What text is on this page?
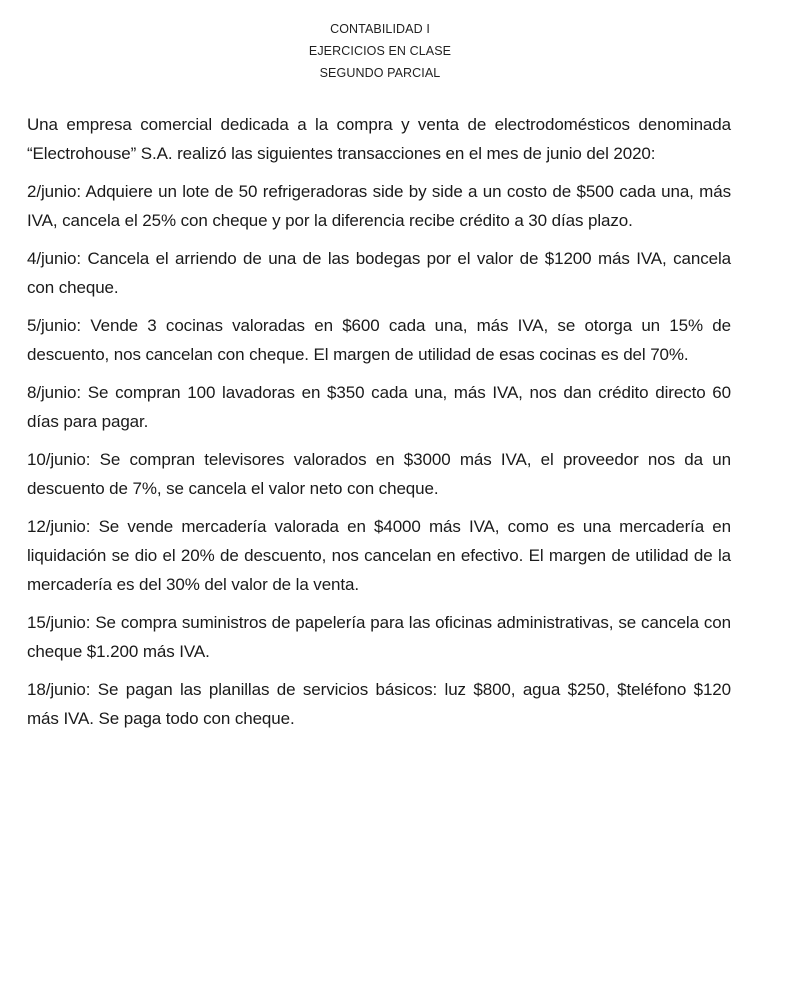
CONTABILIDAD I
EJERCICIOS EN CLASE
SEGUNDO PARCIAL

Una empresa comercial dedicada a la compra y venta de electrodomésticos denominada “Electrohouse” S.A. realizó las siguientes transacciones en el mes de junio del 2020:

2/junio: Adquiere un lote de 50 refrigeradoras side by side a un costo de $500 cada una, más IVA, cancela el 25% con cheque y por la diferencia recibe crédito a 30 días plazo.

4/junio: Cancela el arriendo de una de las bodegas por el valor de $1200 más IVA, cancela con cheque.

5/junio: Vende 3 cocinas valoradas en $600 cada una, más IVA, se otorga un 15% de descuento, nos cancelan con cheque. El margen de utilidad de esas cocinas es del 70%.

8/junio: Se compran 100 lavadoras en $350 cada una, más IVA, nos dan crédito directo 60 días para pagar.

10/junio: Se compran televisores valorados en $3000 más IVA, el proveedor nos da un descuento de 7%, se cancela el valor neto con cheque.

12/junio: Se vende mercadería valorada en $4000 más IVA, como es una mercadería en liquidación se dio el 20% de descuento, nos cancelan en efectivo. El margen de utilidad de la mercadería es del 30% del valor de la venta.

15/junio: Se compra suministros de papelería para las oficinas administrativas, se cancela con cheque $1.200 más IVA.

18/junio: Se pagan las planillas de servicios básicos: luz $800, agua $250, $teléfono $120 más IVA. Se paga todo con cheque.
